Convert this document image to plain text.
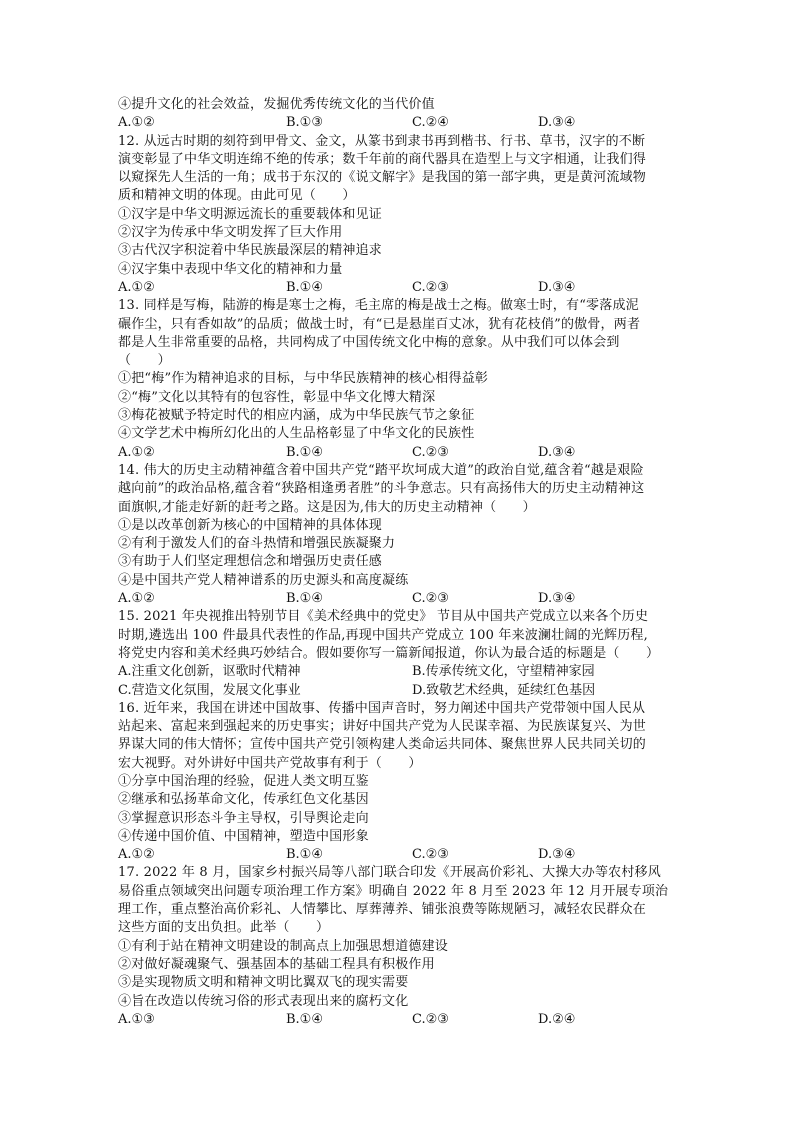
④提升文化的社会效益，发掘优秀传统文化的当代价值
A.①②	B.①③	C.②④	D.③④
12. 从远古时期的刻符到甲骨文、金文，从篆书到隶书再到楷书、行书、草书，汉字的不断
演变彰显了中华文明连绵不绝的传承；数千年前的商代器具在造型上与文字相通，让我们得
以窥探先人生活的一角；成书于东汉的《说文解字》是我国的第一部字典，更是黄河流域物
质和精神文明的体现。由此可见（　　）
①汉字是中华文明源远流长的重要载体和见证
②汉字为传承中华文明发挥了巨大作用
③古代汉字积淀着中华民族最深层的精神追求
④汉字集中表现中华文化的精神和力量
A.①②	B.①④	C.②③	D.③④
13. 同样是写梅，陆游的梅是寒士之梅，毛主席的梅是战士之梅。做寒士时，有“零落成泥
碾作尘，只有香如故”的品质；做战士时，有“已是悬崖百丈冰，犹有花枝俏”的傲骨，两者
都是人生非常重要的品格，共同构成了中国传统文化中梅的意象。从中我们可以体会到
（　　）
①把“梅”作为精神追求的目标，与中华民族精神的核心相得益彰
②“梅”文化以其特有的包容性，彰显中华文化博大精深
③梅花被赋予特定时代的相应内涵，成为中华民族气节之象征
④文学艺术中梅所幻化出的人生品格彰显了中华文化的民族性
A.①②	B.①④	C.②③	D.③④
14. 伟大的历史主动精神蕴含着中国共产党“踏平坎坷成大道”的政治自觉,蕴含着“越是艰险
越向前”的政治品格,蕴含着“狭路相逢勇者胜”的斗争意志。只有高扬伟大的历史主动精神这
面旗帜,才能走好新的赶考之路。这是因为,伟大的历史主动精神（　　）
①是以改革创新为核心的中国精神的具体体现
②有利于激发人们的奋斗热情和增强民族凝聚力
③有助于人们坚定理想信念和增强历史责任感
④是中国共产党人精神谱系的历史源头和高度凝练
A.①②	B.①④	C.②③	D.③④
15. 2021 年央视推出特别节目《美术经典中的党史》 节目从中国共产党成立以来各个历史
时期,遴选出 100 件最具代表性的作品,再现中国共产党成立 100 年来波澜壮阔的光辉历程,
将党史内容和美术经典巧妙结合。假如要你写一篇新闻报道，你认为最合适的标题是（　　）
A.注重文化创新，讴歌时代精神	B.传承传统文化，守望精神家园
C.营造文化氛围，发展文化事业	D.致敬艺术经典，延续红色基因
16. 近年来，我国在讲述中国故事、传播中国声音时，努力阐述中国共产党带领中国人民从
站起来、富起来到强起来的历史事实；讲好中国共产党为人民谋幸福、为民族谋复兴、为世
界谋大同的伟大情怀；宣传中国共产党引领构建人类命运共同体、聚焦世界人民共同关切的
宏大视野。对外讲好中国共产党故事有利于（　　）
①分享中国治理的经验，促进人类文明互鉴
②继承和弘扬革命文化，传承红色文化基因
③掌握意识形态斗争主导权，引导舆论走向
④传递中国价值、中国精神，塑造中国形象
A.①②	B.①④	C.②③	D.③④
17. 2022 年 8 月，国家乡村振兴局等八部门联合印发《开展高价彩礼、大操大办等农村移风
易俗重点领域突出问题专项治理工作方案》明确自 2022 年 8 月至 2023 年 12 月开展专项治
理工作，重点整治高价彩礼、人情攀比、厚葬薄养、铺张浪费等陈规陋习，减轻农民群众在
这些方面的支出负担。此举（　　）
①有利于站在精神文明建设的制高点上加强思想道德建设
②对做好凝魂聚气、强基固本的基础工程具有积极作用
③是实现物质文明和精神文明比翼双飞的现实需要
④旨在改造以传统习俗的形式表现出来的腐朽文化
A.①③	B.①④	C.②③	D.②④
